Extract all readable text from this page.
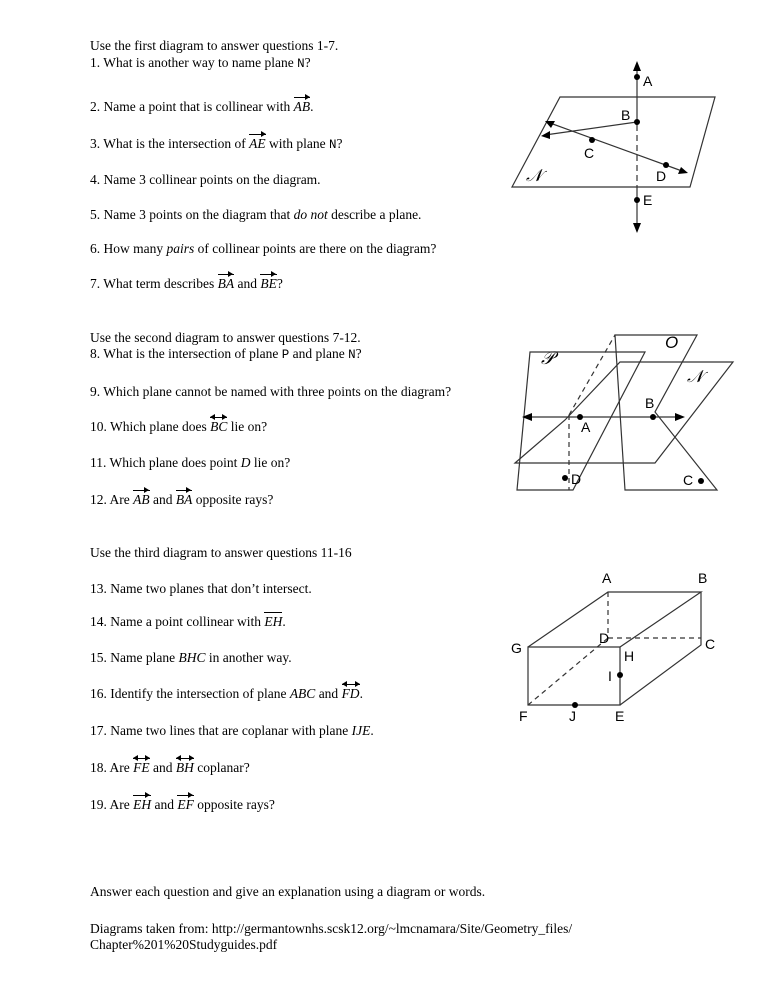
Use the first diagram to answer questions 1-7.
1. What is another way to name plane N?
2. Name a point that is collinear with AB.
3. What is the intersection of AE with plane N?
4. Name 3 collinear points on the diagram.
5. Name 3 points on the diagram that do not describe a plane.
6. How many pairs of collinear points are there on the diagram?
7. What term describes BA and BE?
Use the second diagram to answer questions 7-12.
8. What is the intersection of plane P and plane N?
9. Which plane cannot be named with three points on the diagram?
10. Which plane does BC
lie on?
11. Which plane does point D lie on?
12. Are AB and BA opposite rays?
Use the third diagram to answer questions 11-16
13. Name two planes that don’t intersect.
14. Name a point collinear with EH.
15. Name plane BHC in another way.
16. Identify the intersection of plane ABC and FD
.
17. Name two lines that are coplanar with plane IJE.
18. Are FE
and BH
coplanar?
19. Are EH and EF opposite rays?
Answer each question and give an explanation using a diagram or words.
Diagrams taken from: http://germantownhs.scsk12.org/~lmcnamara/Site/Geometry_files/
Chapter%201%20Studyguides.pdf
A
B
C
D
E
𝒩
𝒫
O
𝒩
A
B
C
D
A	B
C
D
E
F
G	H
I
J
